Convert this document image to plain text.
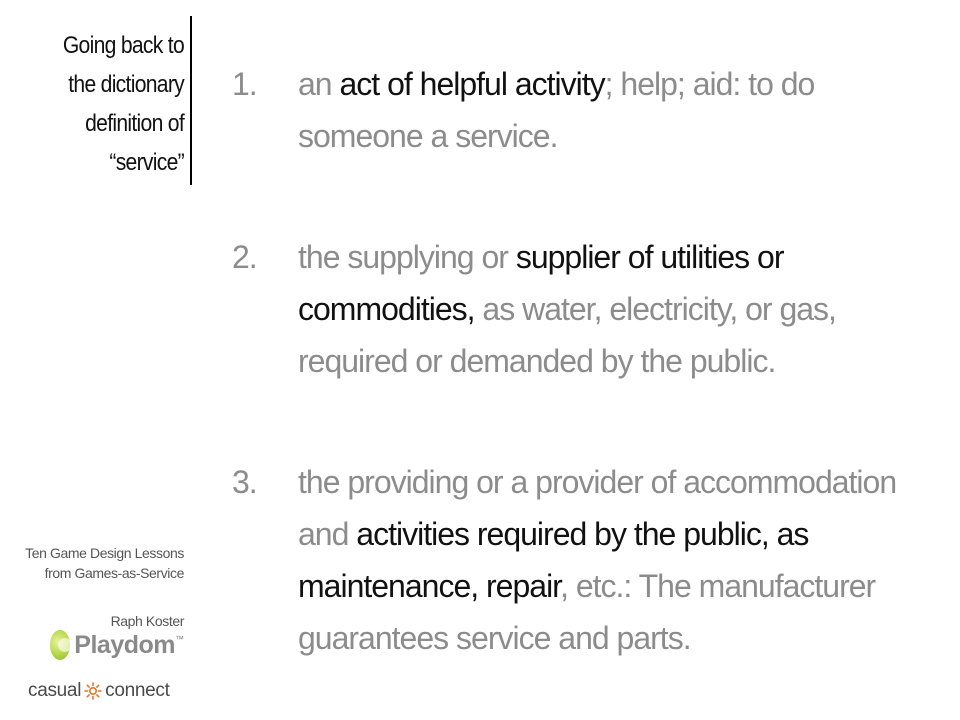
Going back to
the dictionary
definition of
“service”
1. an act of helpful activity; help; aid: to do
someone a service.
2. the supplying or supplier of utilities or
commodities, as water, electricity, or gas,
required or demanded by the public.
3. the providing or a provider of accommodation
and activities required by the public, as
maintenance, repair, etc.: The manufacturer
guarantees service and parts.
Ten Game Design Lessons
from Games-as-Service
Raph Koster
Playdom ™
casual connect
